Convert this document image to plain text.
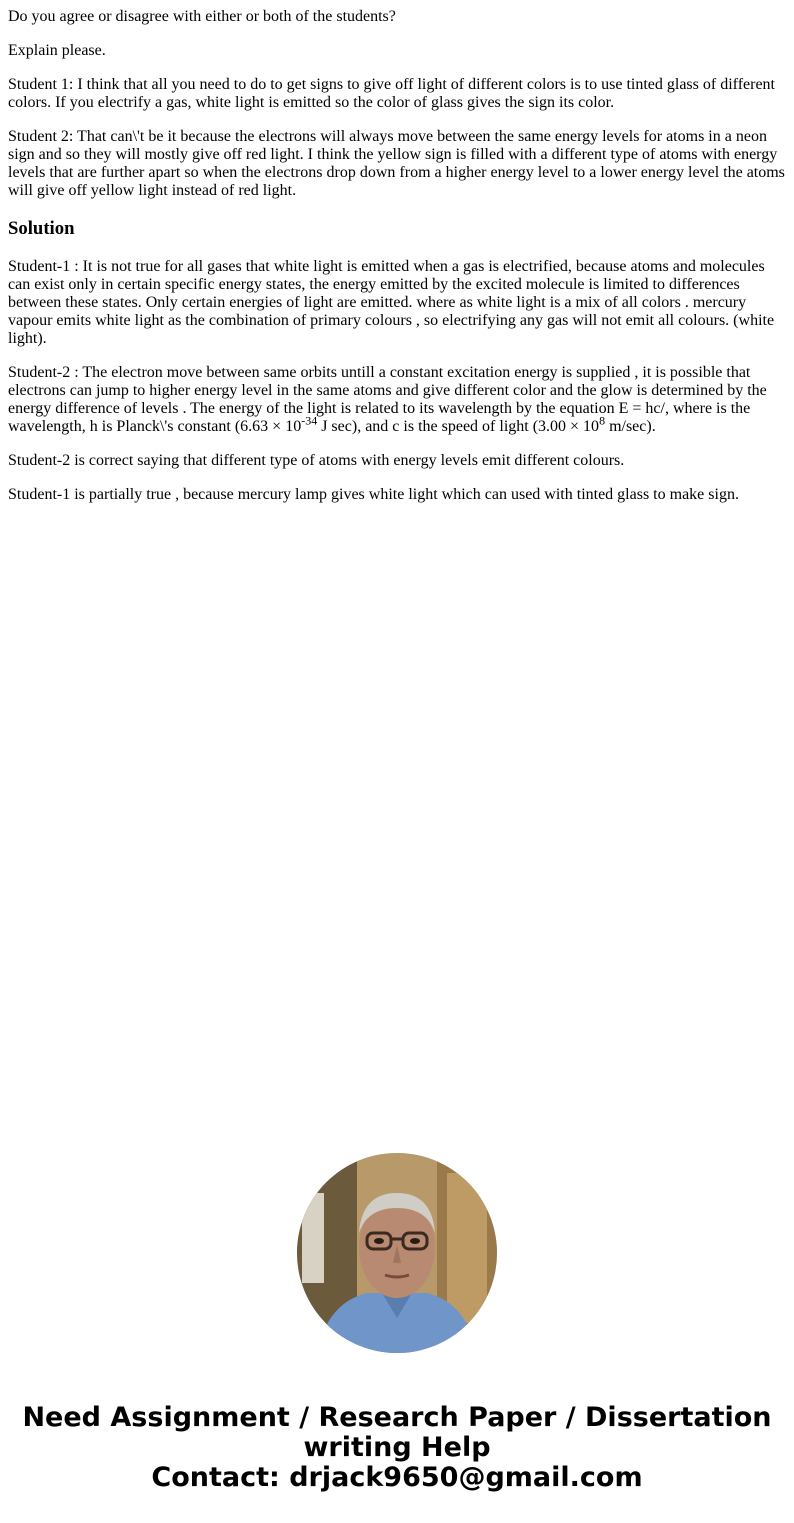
Do you agree or disagree with either or both of the students?

Explain please.

Student 1: I think that all you need to do to get signs to give off light of different colors is to use tinted glass of different colors. If you electrify a gas, white light is emitted so the color of glass gives the sign its color.

Student 2: That can\'t be it because the electrons will always move between the same energy levels for atoms in a neon sign and so they will mostly give off red light. I think the yellow sign is filled with a different type of atoms with energy levels that are further apart so when the electrons drop down from a higher energy level to a lower energy level the atoms will give off yellow light instead of red light.

Solution

Student-1 : It is not true for all gases that white light is emitted when a gas is electrified, because atoms and molecules can exist only in certain specific energy states, the energy emitted by the excited molecule is limited to differences between these states. Only certain energies of light are emitted. where as white light is a mix of all colors . mercury vapour emits white light as the combination of primary colours , so electrifying any gas will not emit all colours. (white light).

Student-2 : The electron move between same orbits untill a constant excitation energy is supplied , it is possible that electrons can jump to higher energy level in the same atoms and give different color and the glow is determined by the energy difference of levels . The energy of the light is related to its wavelength by the equation E = hc/, where is the wavelength, h is Planck\'s constant ($6.63 \times 10^{-34}$ J sec), and c is the speed of light ($3.00 \times 10^8$ m/sec).

Student-2 is correct saying that different type of atoms with energy levels emit different colours.

Student-1 is partially true , because mercury lamp gives white light which can used with tinted glass to make sign.

Need Assignment / Research Paper / Dissertation
writing Help
Contact: drjack9650@gmail.com
